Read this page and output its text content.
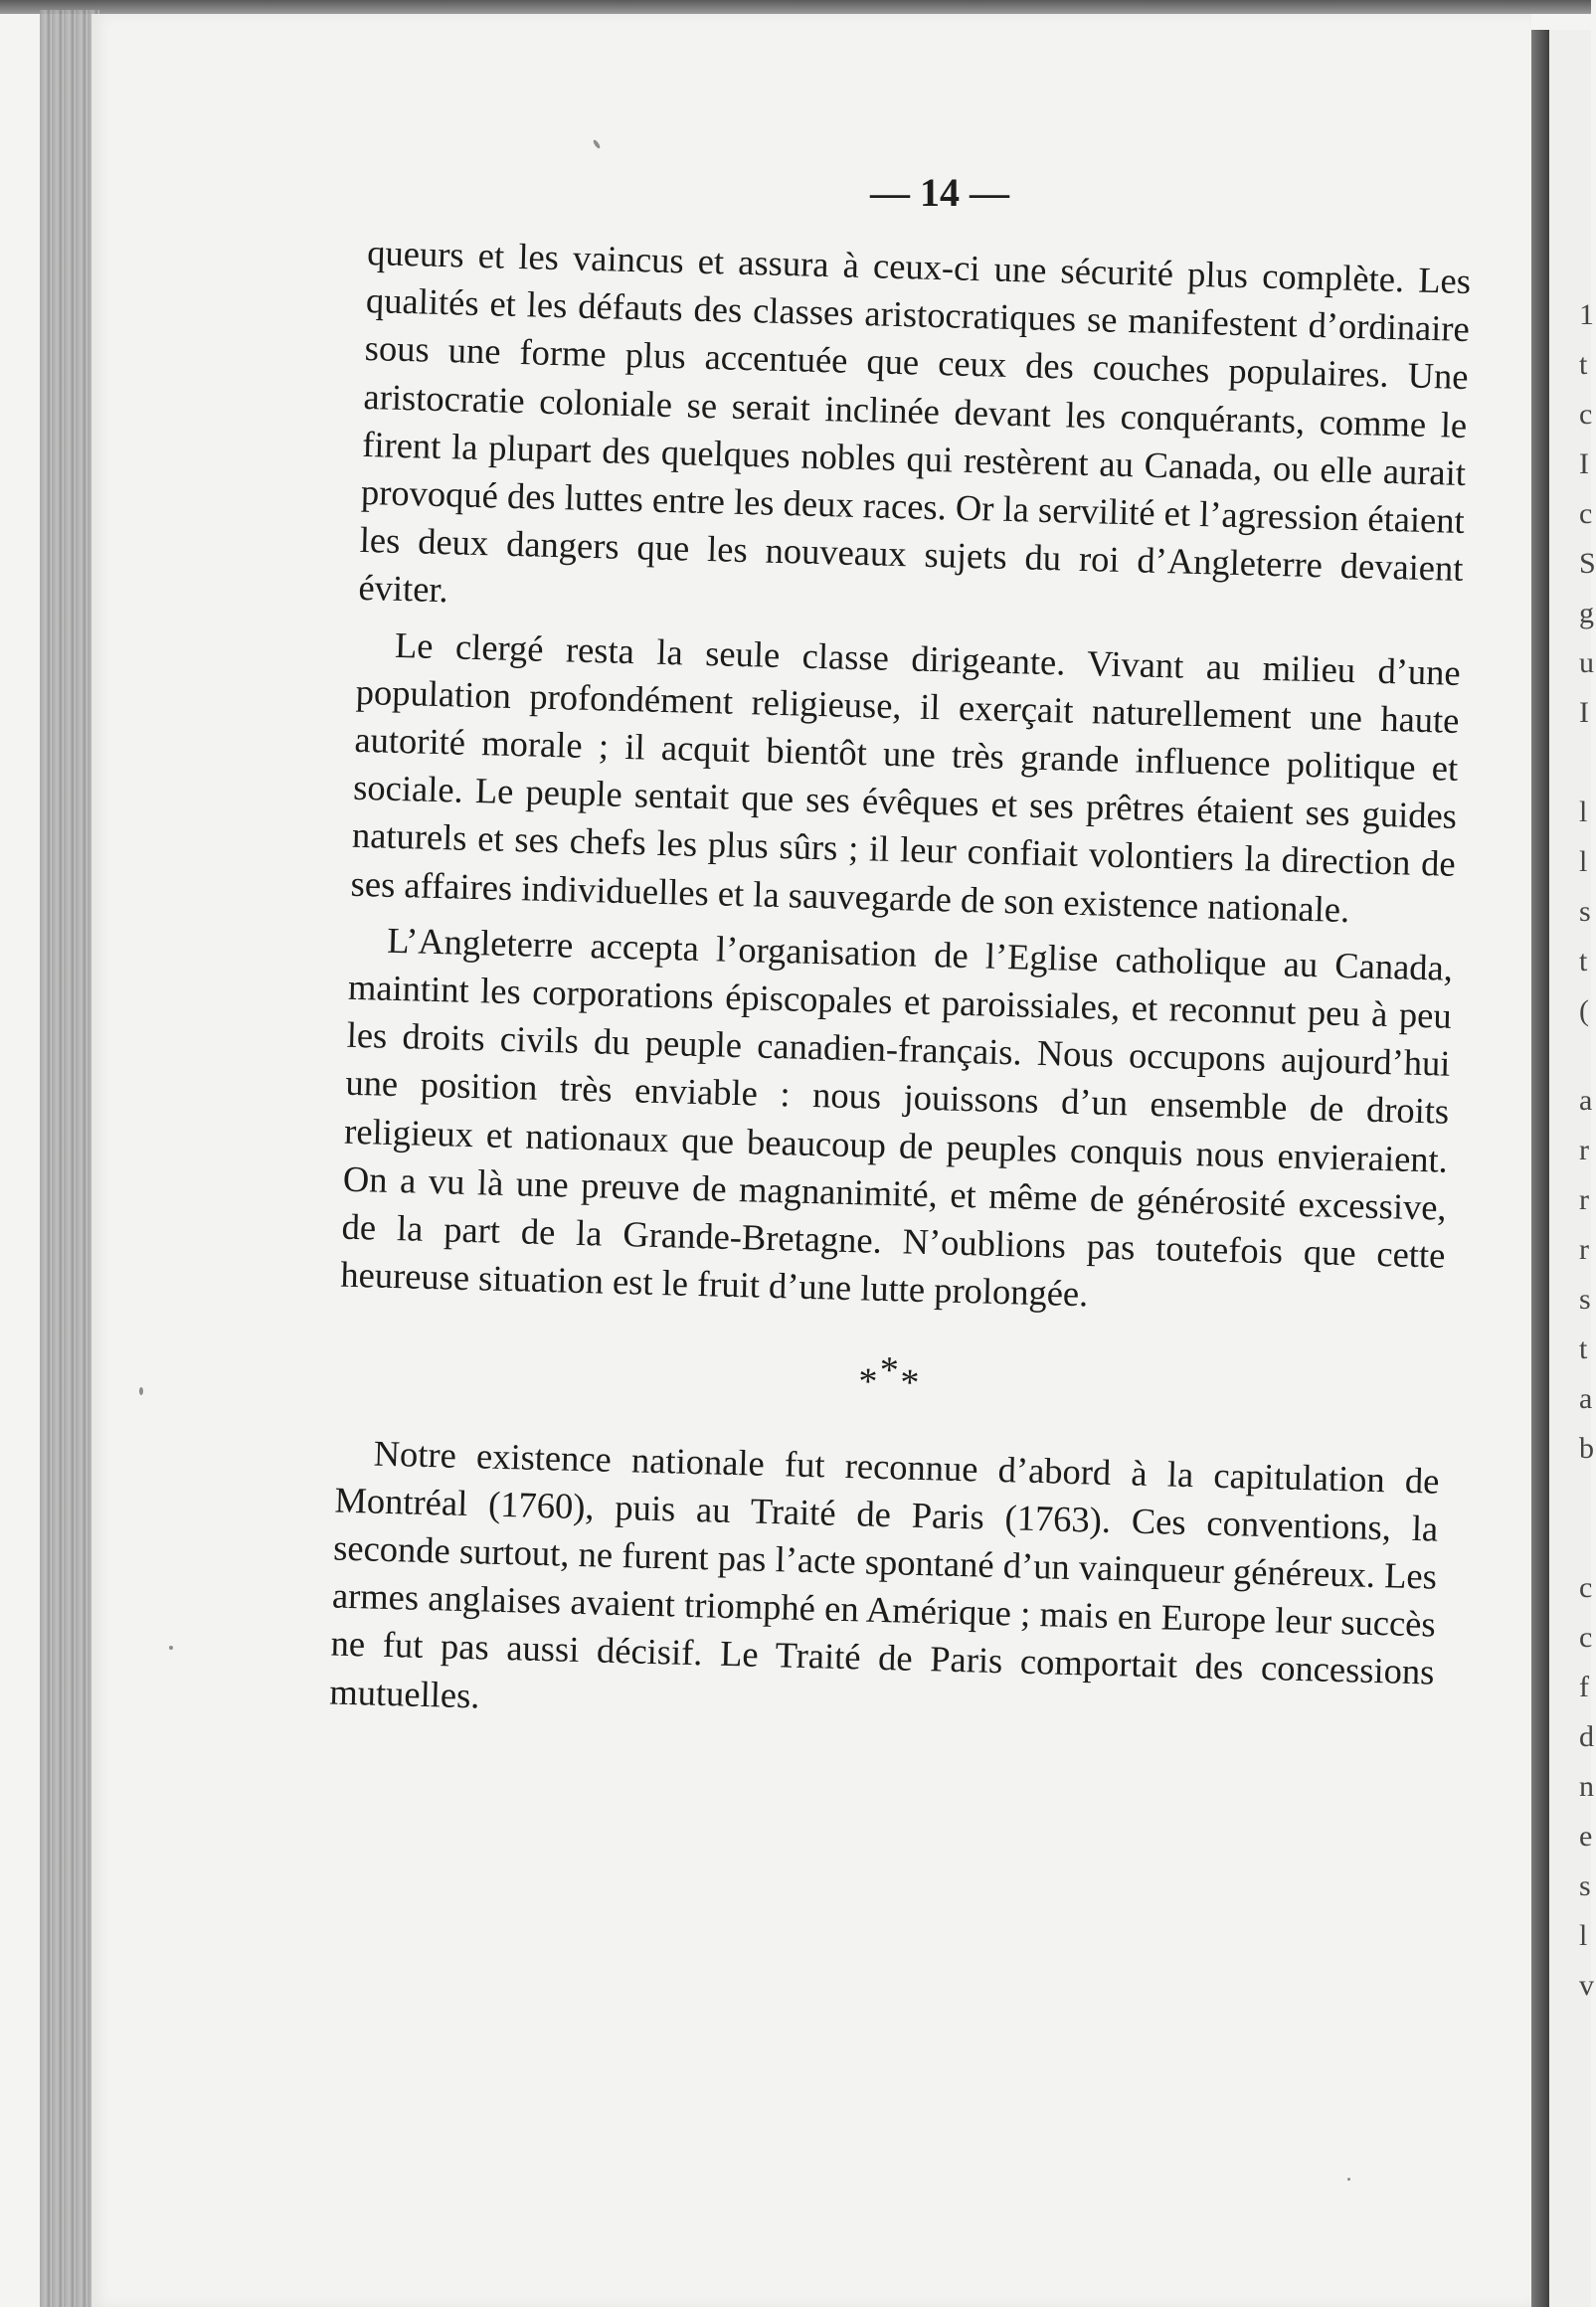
— 14 —

queurs et les vaincus et assura à ceux-ci une sécurité plus complète. Les qualités et les défauts des classes aristocratiques se manifestent d’ordinaire sous une forme plus accentuée que ceux des couches populaires. Une aristocratie coloniale se serait inclinée devant les conquérants, comme le firent la plupart des quelques nobles qui restèrent au Canada, ou elle aurait provoqué des luttes entre les deux races. Or la servilité et l’agression étaient les deux dangers que les nouveaux sujets du roi d’Angleterre devaient éviter.

Le clergé resta la seule classe dirigeante. Vivant au milieu d’une population profondément religieuse, il exerçait naturellement une haute autorité morale ; il acquit bientôt une très grande influence politique et sociale. Le peuple sentait que ses évêques et ses prêtres étaient ses guides naturels et ses chefs les plus sûrs ; il leur confiait volontiers la direction de ses affaires individuelles et la sauvegarde de son existence nationale.

L’Angleterre accepta l’organisation de l’Eglise catholique au Canada, maintint les corporations épiscopales et paroissiales, et reconnut peu à peu les droits civils du peuple canadien-français. Nous occupons aujourd’hui une position très enviable : nous jouissons d’un ensemble de droits religieux et nationaux que beaucoup de peuples conquis nous envieraient. On a vu là une preuve de magnanimité, et même de générosité excessive, de la part de la Grande-Bretagne. N’oublions pas toutefois que cette heureuse situation est le fruit d’une lutte prolongée.

***

Notre existence nationale fut reconnue d’abord à la capitulation de Montréal (1760), puis au Traité de Paris (1763). Ces conventions, la seconde surtout, ne furent pas l’acte spontané d’un vainqueur généreux. Les armes anglaises avaient triomphé en Amérique ; mais en Europe leur succès ne fut pas aussi décisif. Le Traité de Paris comportait des concessions mutuelles.

1
t
c
I
c
S
g
u
I
l
l
s
t
(
a
r
r
r
s
t
a
b
c
c
f
d
n
e
s
l
v
